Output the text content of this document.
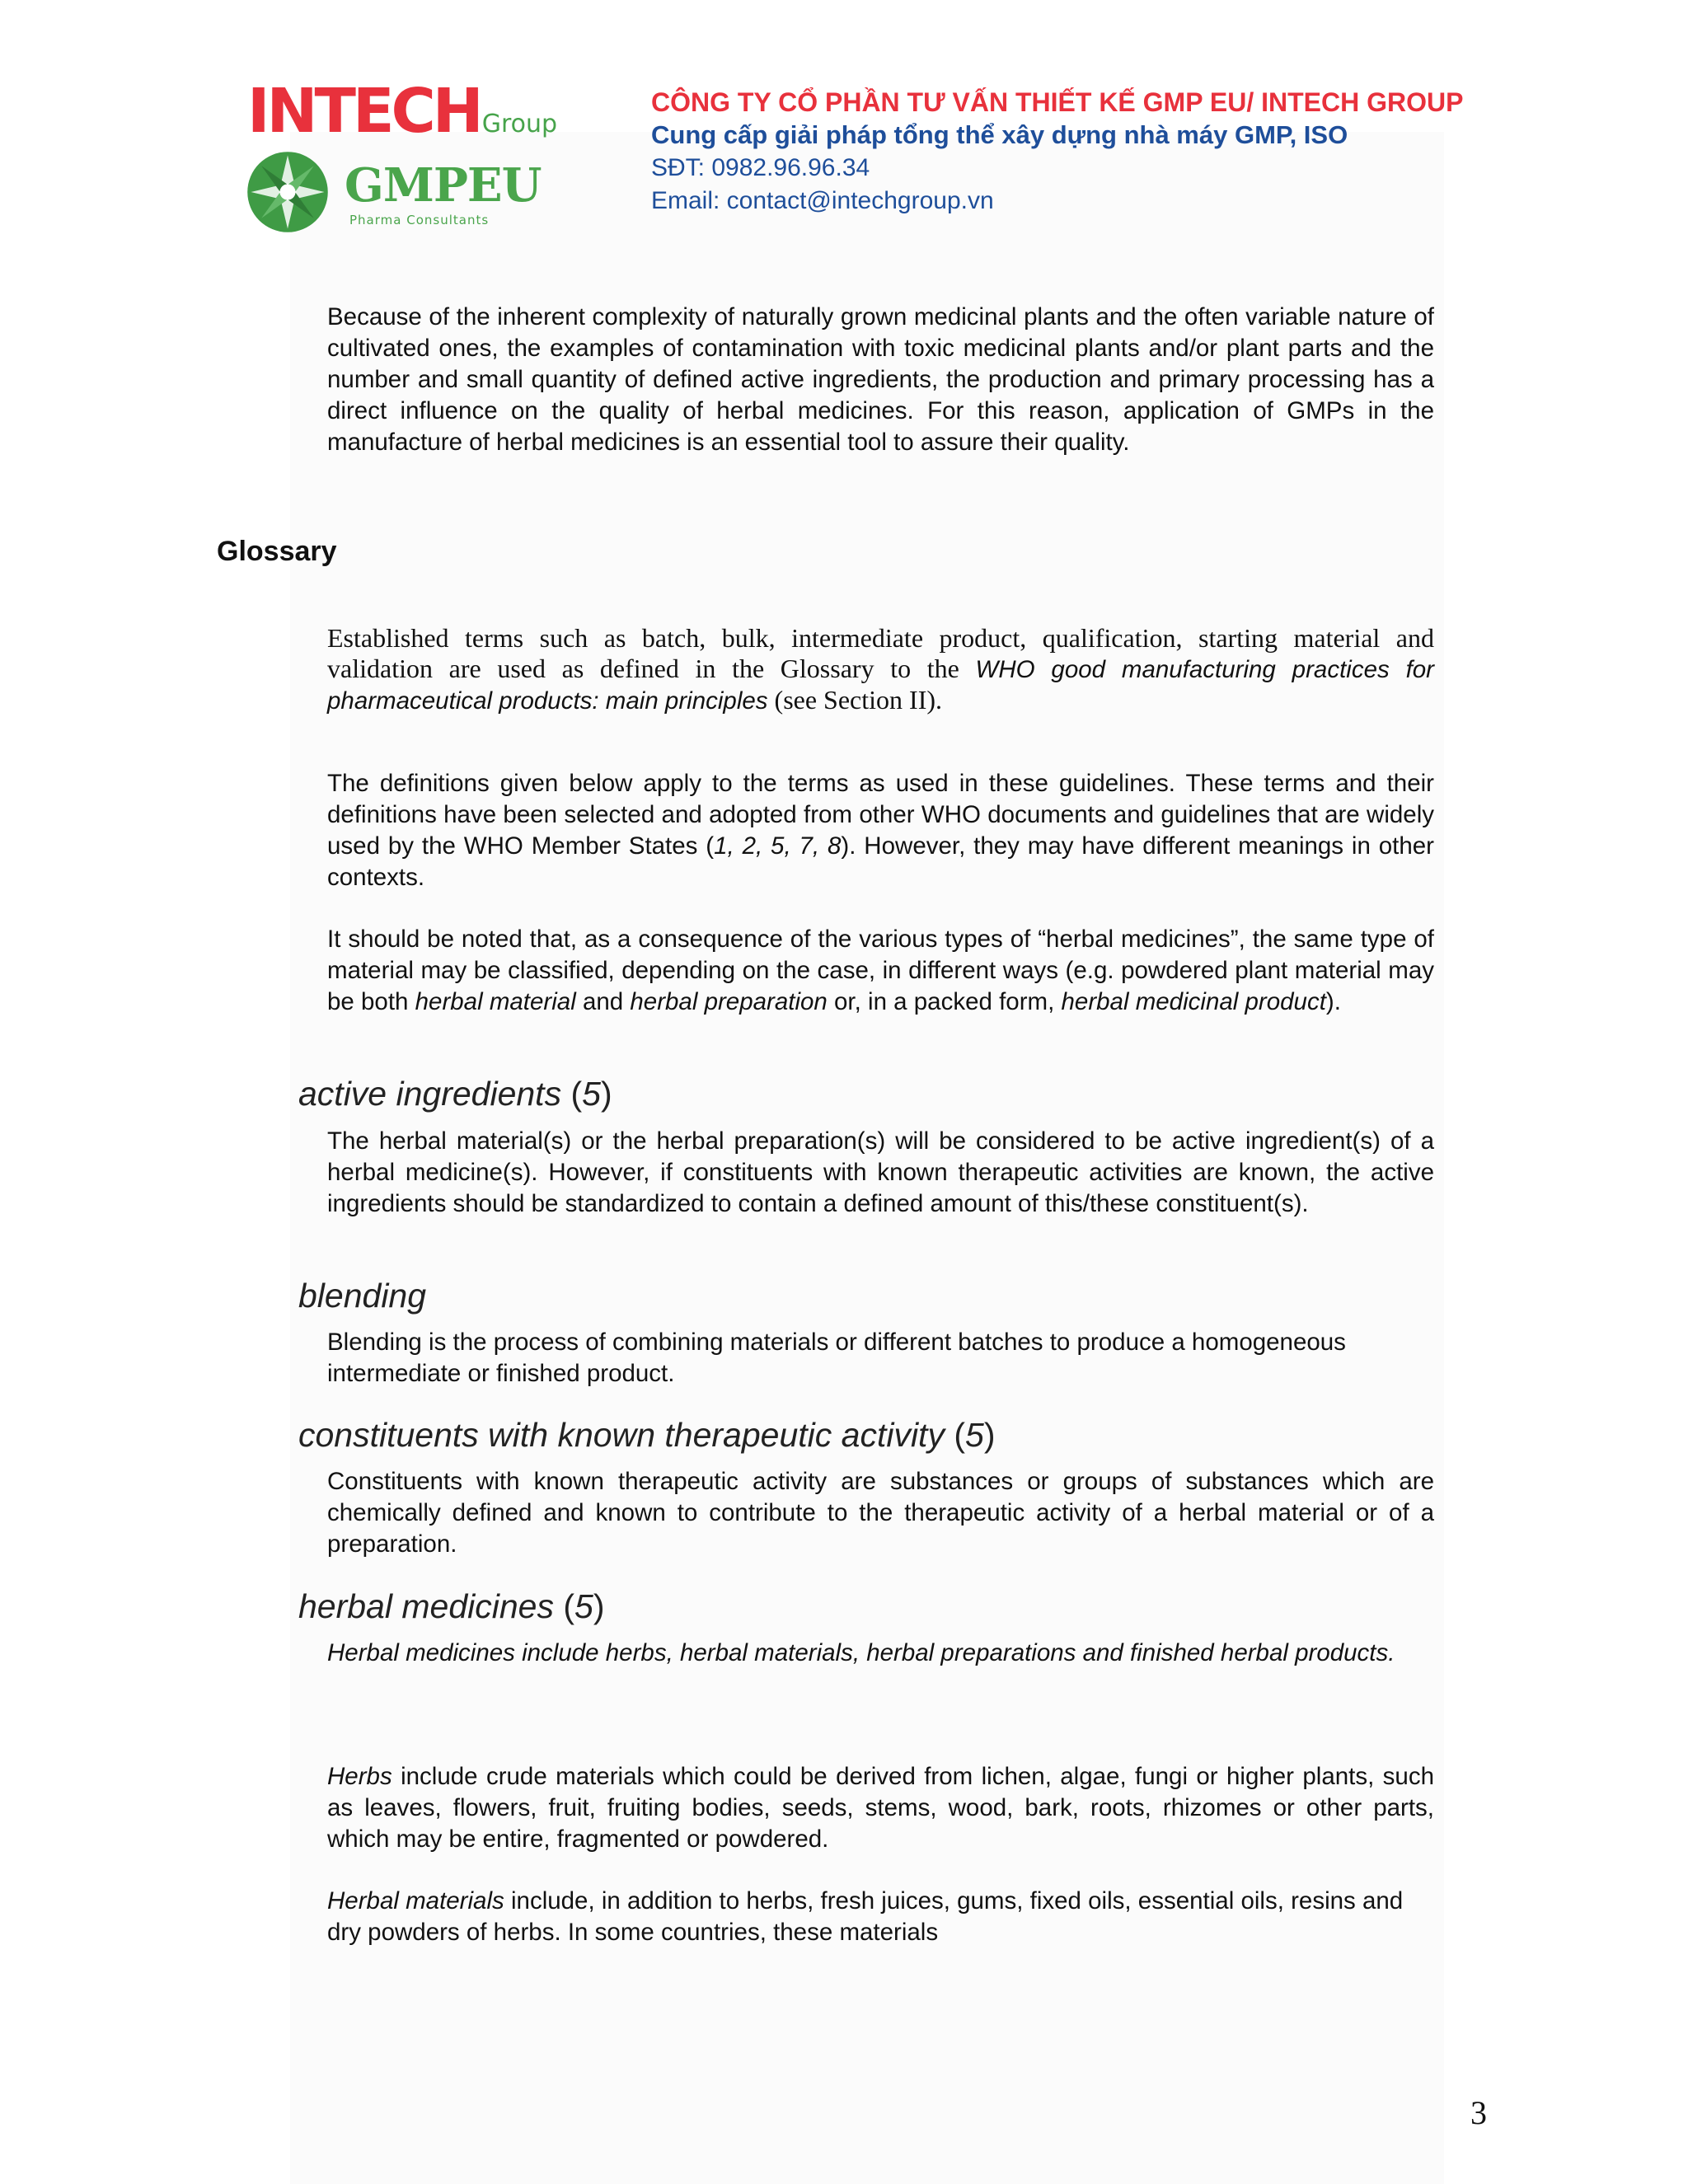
INTECHGroup
GMPEU
Pharma Consultants
CÔNG TY CỔ PHẦN TƯ VẤN THIẾT KẾ GMP EU/ INTECH GROUP
Cung cấp giải pháp tổng thể xây dựng nhà máy GMP, ISO
SĐT: 0982.96.96.34
Email: contact@intechgroup.vn
Because of the inherent complexity of naturally grown medicinal plants and the often variable nature of cultivated ones, the examples of contamination with toxic medicinal plants and/or plant parts and the number and small quantity of defined active ingredients, the production and primary processing has a direct influence on the quality of herbal medicines. For this reason, application of GMPs in the manufacture of herbal medicines is an essential tool to assure their quality.
Glossary
Established terms such as batch, bulk, intermediate product, qualification, starting material and validation are used as defined in the Glossary to the WHO good manufacturing practices for pharmaceutical products: main principles (see Section II).
The definitions given below apply to the terms as used in these guidelines. These terms and their definitions have been selected and adopted from other WHO documents and guidelines that are widely used by the WHO Member States (1, 2, 5, 7, 8). However, they may have different meanings in other contexts.
It should be noted that, as a consequence of the various types of “herbal medicines”, the same type of material may be classified, depending on the case, in different ways (e.g. powdered plant material may be both herbal material and herbal preparation or, in a packed form, herbal medicinal product).
active ingredients (5)
The herbal material(s) or the herbal preparation(s) will be considered to be active ingredient(s) of a herbal medicine(s). However, if constituents with known therapeutic activities are known, the active ingredients should be standardized to contain a defined amount of this/these constituent(s).
blending
Blending is the process of combining materials or different batches to produce a homogeneous intermediate or finished product.
constituents with known therapeutic activity (5)
Constituents with known therapeutic activity are substances or groups of substances which are chemically defined and known to contribute to the therapeutic activity of a herbal material or of a preparation.
herbal medicines (5)
Herbal medicines include herbs, herbal materials, herbal preparations and finished herbal products.
Herbs include crude materials which could be derived from lichen, algae, fungi or higher plants, such as leaves, flowers, fruit, fruiting bodies, seeds, stems, wood, bark, roots, rhizomes or other parts, which may be entire, fragmented or powdered.
Herbal materials include, in addition to herbs, fresh juices, gums, fixed oils, essential oils, resins and dry powders of herbs. In some countries, these materials
3
